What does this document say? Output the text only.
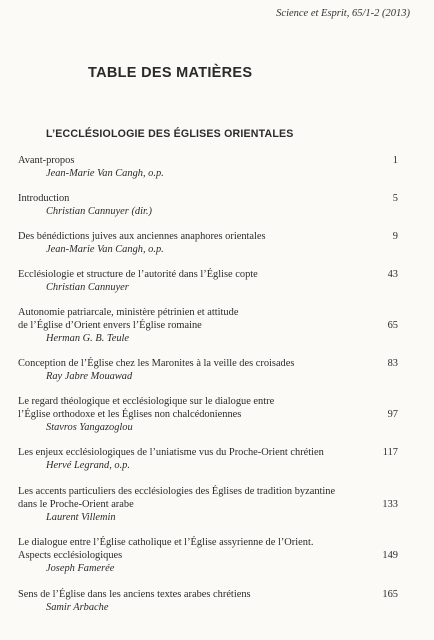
Science et Esprit, 65/1-2 (2013)
TABLE DES MATIÈRES
L’ECCLÉSIOLOGIE DES ÉGLISES ORIENTALES
Avant-propos
Jean-Marie Van Cangh, o.p.
1
Introduction
Christian Cannuyer (dir.)
5
Des bénédictions juives aux anciennes anaphores orientales
Jean-Marie Van Cangh, o.p.
9
Ecclésiologie et structure de l’autorité dans l’Église copte
Christian Cannuyer
43
Autonomie patriarcale, ministère pétrinien et attitude
de l’Église d’Orient envers l’Église romaine
Herman G. B. Teule
65
Conception de l’Église chez les Maronites à la veille des croisades
Ray Jabre Mouawad
83
Le regard théologique et ecclésiologique sur le dialogue entre
l’Église orthodoxe et les Églises non chalcédoniennes
Stavros Yangazoglou
97
Les enjeux ecclésiologiques de l’uniatisme vus du Proche-Orient chrétien
Hervé Legrand, o.p.
117
Les accents particuliers des ecclésiologies des Églises de tradition byzantine
dans le Proche-Orient arabe
Laurent Villemin
133
Le dialogue entre l’Église catholique et l’Église assyrienne de l’Orient.
Aspects ecclésiologiques
Joseph Famerée
149
Sens de l’Église dans les anciens textes arabes chrétiens
Samir Arbache
165
